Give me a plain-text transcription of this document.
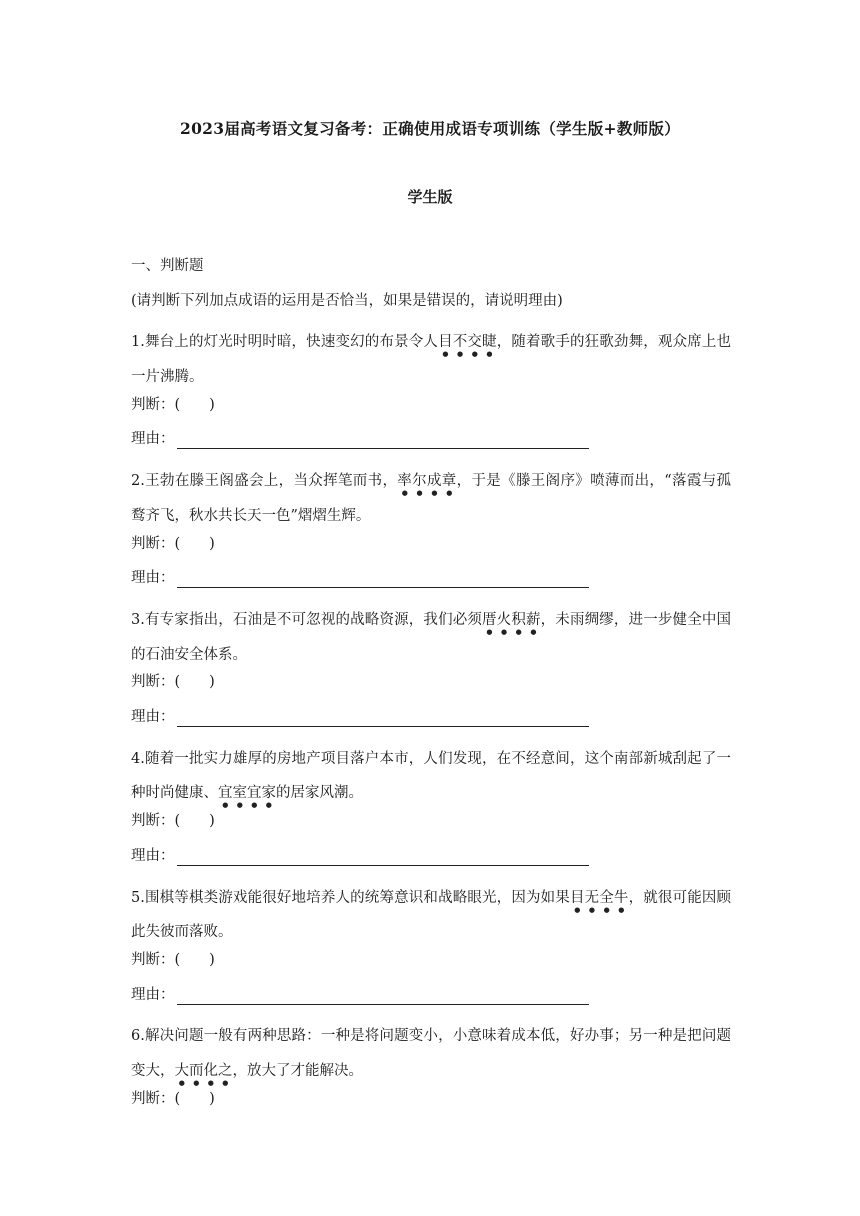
2023届高考语文复习备考：正确使用成语专项训练（学生版+教师版）
学生版
一、判断题
(请判断下列加点成语的运用是否恰当，如果是错误的，请说明理由)
1.舞台上的灯光时明时暗，快速变幻的布景令人目不交睫，随着歌手的狂歌劲舞，观众席上也一片沸腾。
判断：(　　)
理由：
2.王勃在滕王阁盛会上，当众挥笔而书，率尔成章，于是《滕王阁序》喷薄而出，“落霞与孤鹜齐飞，秋水共长天一色”熠熠生辉。
判断：(　　)
理由：
3.有专家指出，石油是不可忽视的战略资源，我们必须厝火积薪，未雨绸缪，进一步健全中国的石油安全体系。
判断：(　　)
理由：
4.随着一批实力雄厚的房地产项目落户本市，人们发现，在不经意间，这个南部新城刮起了一种时尚健康、宜室宜家的居家风潮。
判断：(　　)
理由：
5.围棋等棋类游戏能很好地培养人的统筹意识和战略眼光，因为如果目无全牛，就很可能因顾此失彼而落败。
判断：(　　)
理由：
6.解决问题一般有两种思路：一种是将问题变小，小意味着成本低，好办事；另一种是把问题变大，大而化之，放大了才能解决。
判断：(　　)
